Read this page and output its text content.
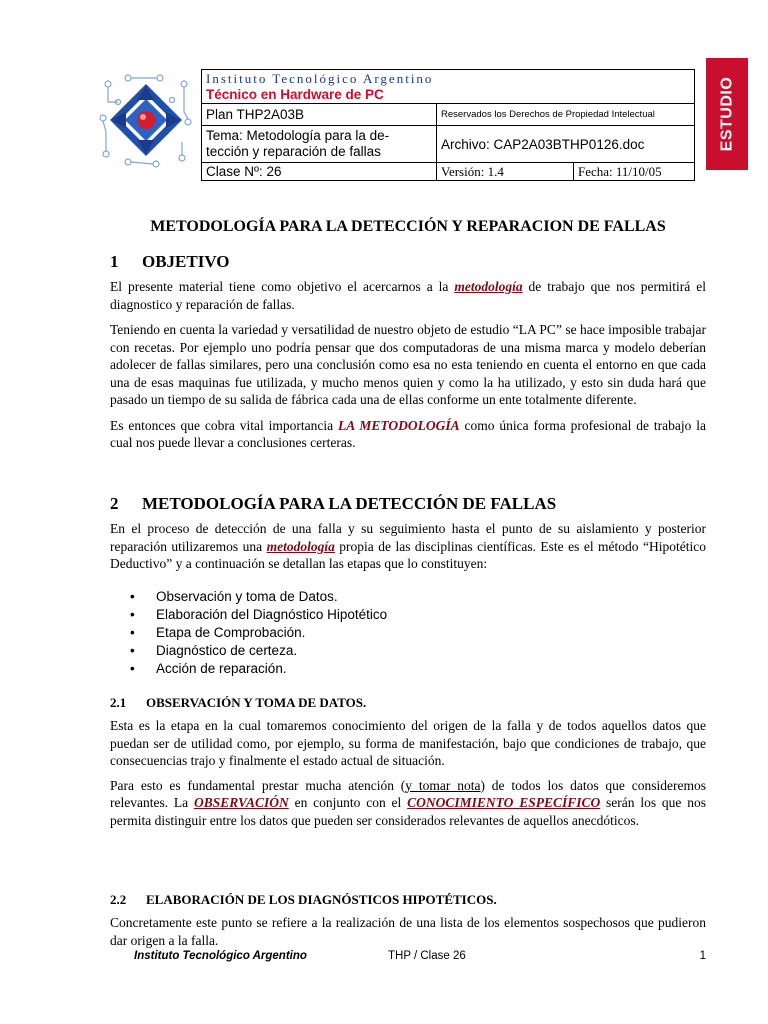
ESTUDIO
Instituto Tecnológico Argentino
Técnico en Hardware de PC		

Plan THP2A03B	Reservados los Derechos de Propiedad Intelectual	

Tema: Metodología para la de-
tección y reparación de fallas	Archivo: CAP2A03BTHP0126.doc	
Clase Nº: 26	Versión: 1.4	Fecha: 11/10/05
METODOLOGÍA PARA LA DETECCIÓN Y REPARACION DE FALLAS
1 OBJETIVO

El presente material tiene como objetivo el acercarnos a la metodología de trabajo que nos permitirá el diagnostico y reparación de fallas.

Teniendo en cuenta la variedad y versatilidad de nuestro objeto de estudio “LA PC” se hace imposible trabajar con recetas. Por ejemplo uno podría pensar que dos computadoras de una misma marca y modelo deberían adolecer de fallas similares, pero una conclusión como esa no esta teniendo en cuenta el entorno en que cada una de esas maquinas fue utilizada, y mucho menos quien y como la ha utilizado, y esto sin duda hará que pasado un tiempo de su salida de fábrica cada una de ellas conforme un ente totalmente diferente.

Es entonces que cobra vital importancia LA METODOLOGÍA como única forma profesional de trabajo la cual nos puede llevar a conclusiones certeras.

2 METODOLOGÍA PARA LA DETECCIÓN DE FALLAS

En el proceso de detección de una falla y su seguimiento hasta el punto de su aislamiento y posterior reparación utilizaremos una metodología propia de las disciplinas científicas. Este es el método “Hipotético Deductivo” y a continuación se detallan las etapas que lo constituyen:

• Observación y toma de Datos.
• Elaboración del Diagnóstico Hipotético
• Etapa de Comprobación.
• Diagnóstico de certeza.
• Acción de reparación.
2.1 OBSERVACIÓN Y TOMA DE DATOS.

Esta es la etapa en la cual tomaremos conocimiento del origen de la falla y de todos aquellos datos que puedan ser de utilidad como, por ejemplo, su forma de manifestación, bajo que condiciones de trabajo, que consecuencias trajo y finalmente el estado actual de situación.

Para esto es fundamental prestar mucha atención (y tomar nota) de todos los datos que consideremos relevantes. La OBSERVACIÓN en conjunto con el CONOCIMIENTO ESPECÍFICO serán los que nos permita distinguir entre los datos que pueden ser considerados relevantes de aquellos anecdóticos.

2.2 ELABORACIÓN DE LOS DIAGNÓSTICOS HIPOTÉTICOS.

Concretamente este punto se refiere a la realización de una lista de los elementos sospechosos que pudieron dar origen a la falla.

Instituto Tecnológico Argentino	THP / Clase 26	1
